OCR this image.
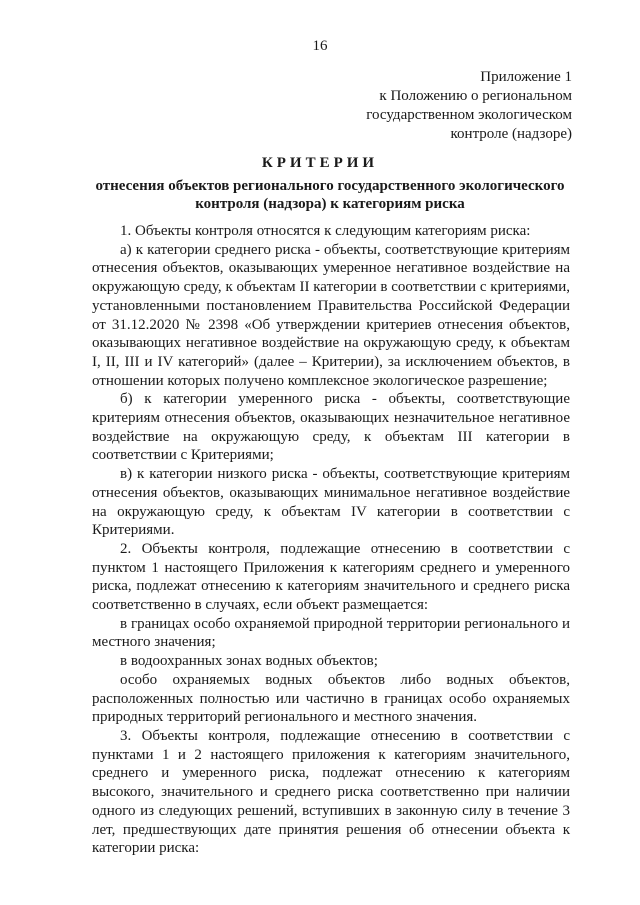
16
Приложение 1
к Положению о региональном
государственном экологическом
контроле (надзоре)
КРИТЕРИИ
отнесения объектов регионального государственного экологического контроля (надзора) к категориям риска

1. Объекты контроля относятся к следующим категориям риска:

а) к категории среднего риска - объекты, соответствующие критериям отнесения объектов, оказывающих умеренное негативное воздействие на окружающую среду, к объектам II категории в соответствии с критериями, установленными постановлением Правительства Российской Федерации от 31.12.2020 № 2398 «Об утверждении критериев отнесения объектов, оказывающих негативное воздействие на окружающую среду, к объектам I, II, III и IV категорий» (далее – Критерии), за исключением объектов, в отношении которых получено комплексное экологическое разрешение;

б) к категории умеренного риска - объекты, соответствующие критериям отнесения объектов, оказывающих незначительное негативное воздействие на окружающую среду, к объектам III категории в соответствии с Критериями;

в) к категории низкого риска - объекты, соответствующие критериям отнесения объектов, оказывающих минимальное негативное воздействие на окружающую среду, к объектам IV категории в соответствии с Критериями.

2. Объекты контроля, подлежащие отнесению в соответствии с пунктом 1 настоящего Приложения к категориям среднего и умеренного риска, подлежат отнесению к категориям значительного и среднего риска соответственно в случаях, если объект размещается:

в границах особо охраняемой природной территории регионального и местного значения;

в водоохранных зонах водных объектов;

особо охраняемых водных объектов либо водных объектов, расположенных полностью или частично в границах особо охраняемых природных территорий регионального и местного значения.

3. Объекты контроля, подлежащие отнесению в соответствии с пунктами 1 и 2 настоящего приложения к категориям значительного, среднего и умеренного риска, подлежат отнесению к категориям высокого, значительного и среднего риска соответственно при наличии одного из следующих решений, вступивших в законную силу в течение 3 лет, предшествующих дате принятия решения об отнесении объекта к категории риска:
